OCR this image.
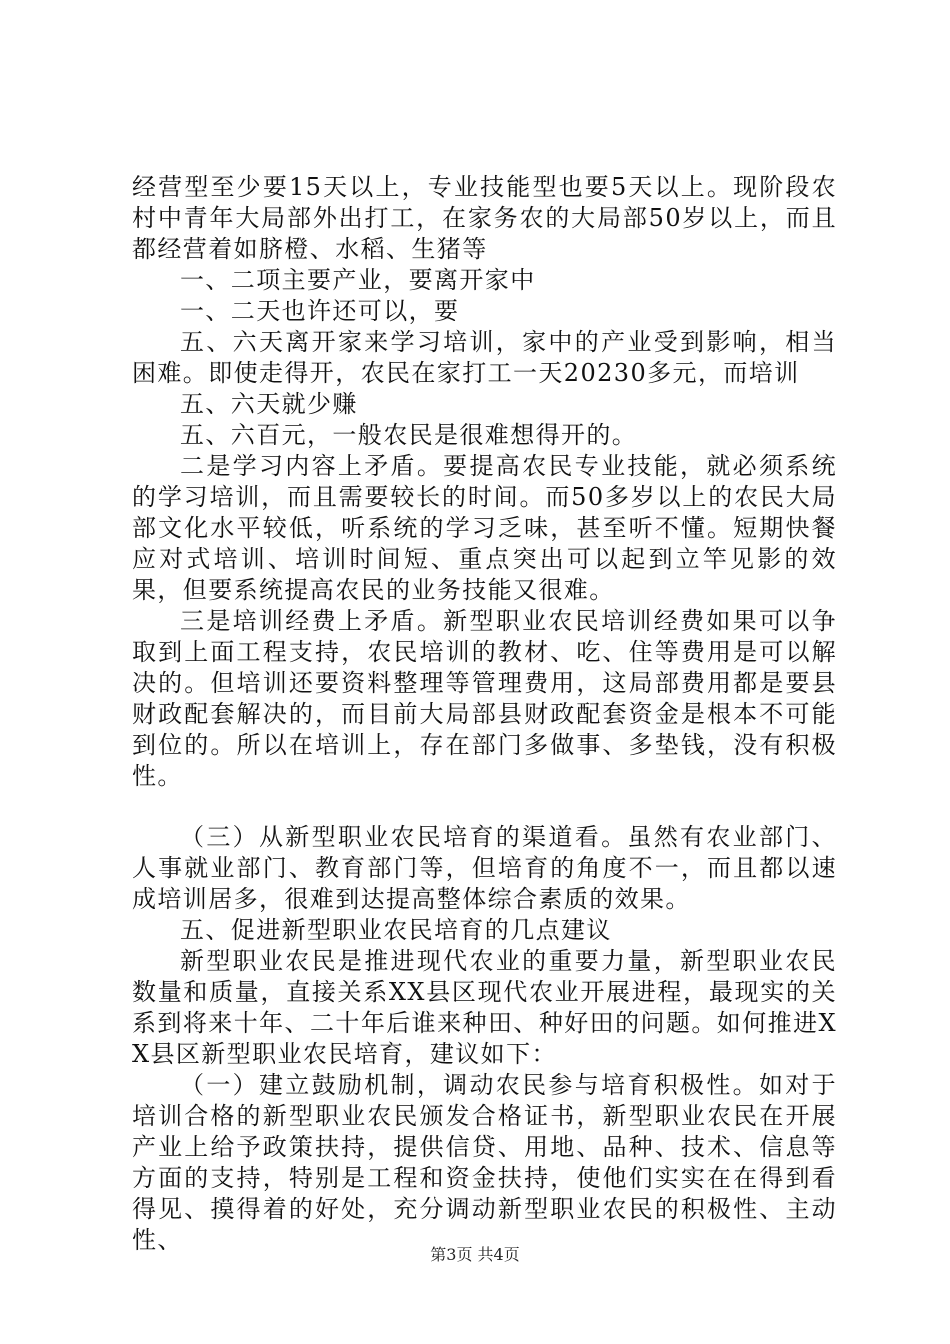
经营型至少要15天以上，专业技能型也要5天以上。现阶段农村中青年大局部外出打工，在家务农的大局部50岁以上，而且都经营着如脐橙、水稻、生猪等

一、二项主要产业，要离开家中

一、二天也许还可以，要

五、六天离开家来学习培训，家中的产业受到影响，相当困难。即使走得开，农民在家打工一天20230多元，而培训

五、六天就少赚

五、六百元，一般农民是很难想得开的。

二是学习内容上矛盾。要提高农民专业技能，就必须系统的学习培训，而且需要较长的时间。而50多岁以上的农民大局部文化水平较低，听系统的学习乏味，甚至听不懂。短期快餐应对式培训、培训时间短、重点突出可以起到立竿见影的效果，但要系统提高农民的业务技能又很难。

三是培训经费上矛盾。新型职业农民培训经费如果可以争取到上面工程支持，农民培训的教材、吃、住等费用是可以解决的。但培训还要资料整理等管理费用，这局部费用都是要县财政配套解决的，而目前大局部县财政配套资金是根本不可能到位的。所以在培训上，存在部门多做事、多垫钱，没有积极性。

（三）从新型职业农民培育的渠道看。虽然有农业部门、人事就业部门、教育部门等，但培育的角度不一，而且都以速成培训居多，很难到达提高整体综合素质的效果。

五、促进新型职业农民培育的几点建议

新型职业农民是推进现代农业的重要力量，新型职业农民数量和质量，直接关系XX县区现代农业开展进程，最现实的关系到将来十年、二十年后谁来种田、种好田的问题。如何推进XX县区新型职业农民培育，建议如下：

（一）建立鼓励机制，调动农民参与培育积极性。如对于培训合格的新型职业农民颁发合格证书，新型职业农民在开展产业上给予政策扶持，提供信贷、用地、品种、技术、信息等方面的支持，特别是工程和资金扶持，使他们实实在在得到看得见、摸得着的好处，充分调动新型职业农民的积极性、主动性、

第3页 共4页
